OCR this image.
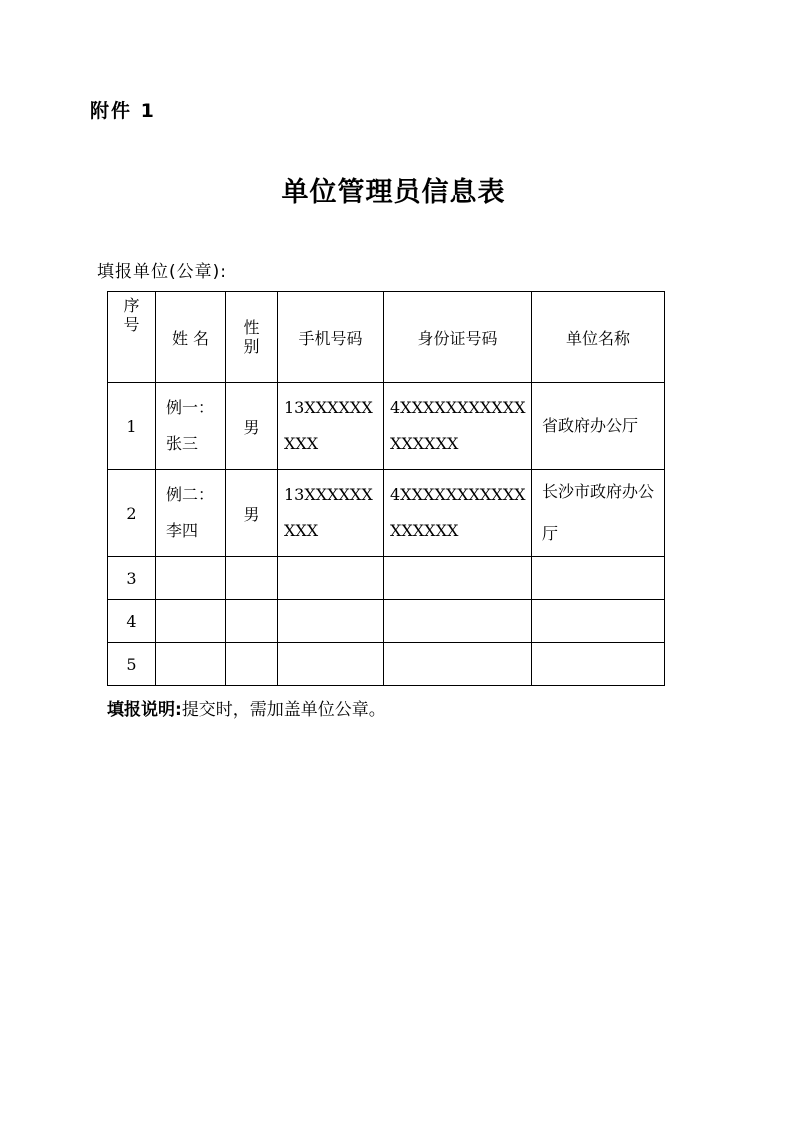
附件 1
单位管理员信息表
填报单位(公章):
序号	姓 名	性别	手机号码	身份证号码	单位名称
1	例一：张三	男	13XXXXXXXXX	4XXXXXXXXXXXXXXXXX	省政府办公厅
2	例二：李四	男	13XXXXXXXXX	4XXXXXXXXXXXXXXXXX	长沙市政府办公厅
3					
4					
5					
填报说明:提交时，需加盖单位公章。
